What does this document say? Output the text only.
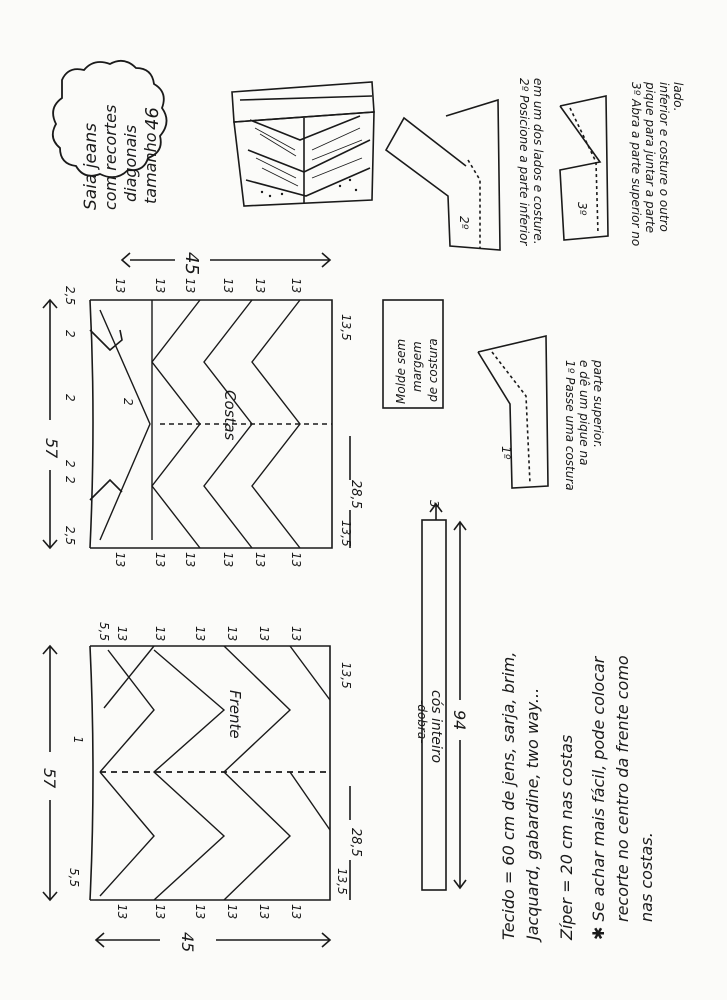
Saia jeans com recortes diagonais tamanho
46
45
Costas
57
28,5
13,5
13,5
13 13 13 13 13 13
13 13 13 13 13 13
2,5
2
2
2
2
2,5
2	Molde sem margem de costura
1º	1º Passe uma costura e dê um pique na parte superior.
2º	2º Posicione a parte inferior em um dos lados e costure.	3º	3º Abra a parte superior no pique para juntar a parte inferior e costure o outro lado.
3
-dobra- cós inteiro 94
Frente
57
45
28,5
13,5
13,5
5,5
5,5
1
13 13 13 13 13 13
13 13 13 13 13 13	Tecido = 60 cm de jens, sarja, brim, Jacquard, gabardine, two way... Zíper = 20 cm nas costas ✱ Se achar mais fácil, pode colocar recorte no centro da frente como nas costas.
